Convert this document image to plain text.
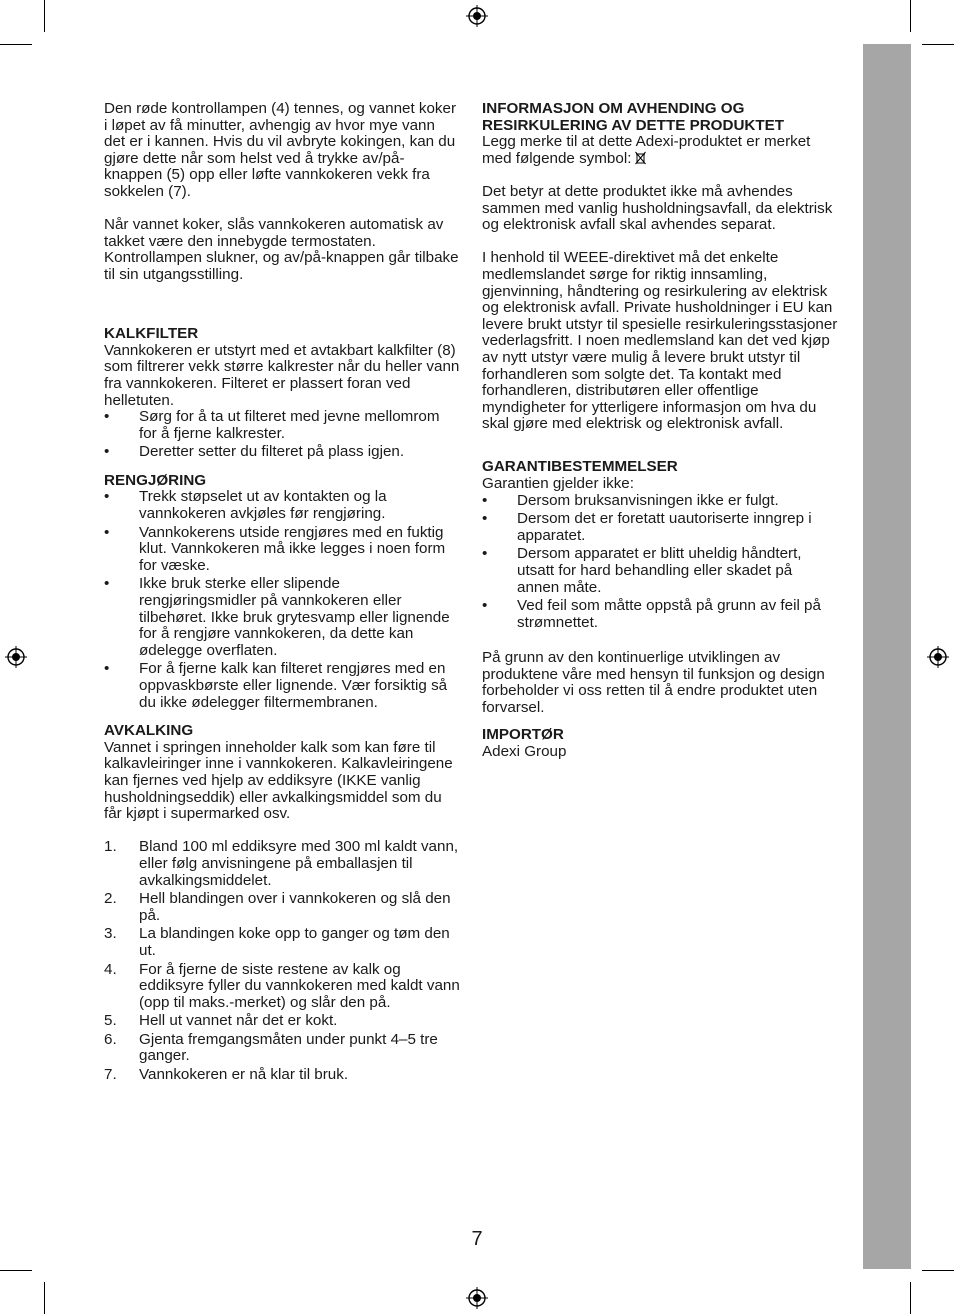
Den røde kontrollampen (4) tennes, og vannet koker i løpet av få minutter, avhengig av hvor mye vann det er i kannen. Hvis du vil avbryte kokingen, kan du gjøre dette når som helst ved å trykke av/på-knappen (5) opp eller løfte vannkokeren vekk fra sokkelen (7).

Når vannet koker, slås vannkokeren automatisk av takket være den innebygde termostaten. Kontrollampen slukner, og av/på-knappen går tilbake til sin utgangsstilling.

KALKFILTER

Vannkokeren er utstyrt med et avtakbart kalkfilter (8) som filtrerer vekk større kalkrester når du heller vann fra vannkokeren. Filteret er plassert foran ved helletuten.

• Sørg for å ta ut filteret med jevne mellomrom for å fjerne kalkrester.
• Deretter setter du filteret på plass igjen.

RENGJØRING

• Trekk støpselet ut av kontakten og la vannkokeren avkjøles før rengjøring.
• Vannkokerens utside rengjøres med en fuktig klut. Vannkokeren må ikke legges i noen form for væske.
• Ikke bruk sterke eller slipende rengjøringsmidler på vannkokeren eller tilbehøret. Ikke bruk grytesvamp eller lignende for å rengjøre vannkokeren, da dette kan ødelegge overflaten.
• For å fjerne kalk kan filteret rengjøres med en oppvaskbørste eller lignende. Vær forsiktig så du ikke ødelegger filtermembranen.

AVKALKING

Vannet i springen inneholder kalk som kan føre til kalkavleiringer inne i vannkokeren. Kalkavleiringene kan fjernes ved hjelp av eddiksyre (IKKE vanlig husholdningseddik) eller avkalkingsmiddel som du får kjøpt i supermarked osv.

1. Bland 100 ml eddiksyre med 300 ml kaldt vann, eller følg anvisningene på emballasjen til avkalkingsmiddelet.
2. Hell blandingen over i vannkokeren og slå den på.
3. La blandingen koke opp to ganger og tøm den ut.
4. For å fjerne de siste restene av kalk og eddiksyre fyller du vannkokeren med kaldt vann (opp til maks.-merket) og slår den på.
5. Hell ut vannet når det er kokt.
6. Gjenta fremgangsmåten under punkt 4–5 tre ganger.
7. Vannkokeren er nå klar til bruk.

INFORMASJON OM AVHENDING OG

RESIRKULERING AV DETTE PRODUKTET

Legg merke til at dette Adexi-produktet er merket med følgende symbol:

Det betyr at dette produktet ikke må avhendes sammen med vanlig husholdningsavfall, da elektrisk og elektronisk avfall skal avhendes separat.

I henhold til WEEE-direktivet må det enkelte medlemslandet sørge for riktig innsamling, gjenvinning, håndtering og resirkulering av elektrisk og elektronisk avfall. Private husholdninger i EU kan levere brukt utstyr til spesielle resirkuleringsstasjoner vederlagsfritt. I noen medlemsland kan det ved kjøp av nytt utstyr være mulig å levere brukt utstyr til forhandleren som solgte det. Ta kontakt med forhandleren, distributøren eller offentlige myndigheter for ytterligere informasjon om hva du skal gjøre med elektrisk og elektronisk avfall.

GARANTIBESTEMMELSER

Garantien gjelder ikke:

• Dersom bruksanvisningen ikke er fulgt.
• Dersom det er foretatt uautoriserte inngrep i apparatet.
• Dersom apparatet er blitt uheldig håndtert, utsatt for hard behandling eller skadet på annen måte.
• Ved feil som måtte oppstå på grunn av feil på strømnettet.

På grunn av den kontinuerlige utviklingen av produktene våre med hensyn til funksjon og design forbeholder vi oss retten til å endre produktet uten forvarsel.

IMPORTØR

Adexi Group

7
